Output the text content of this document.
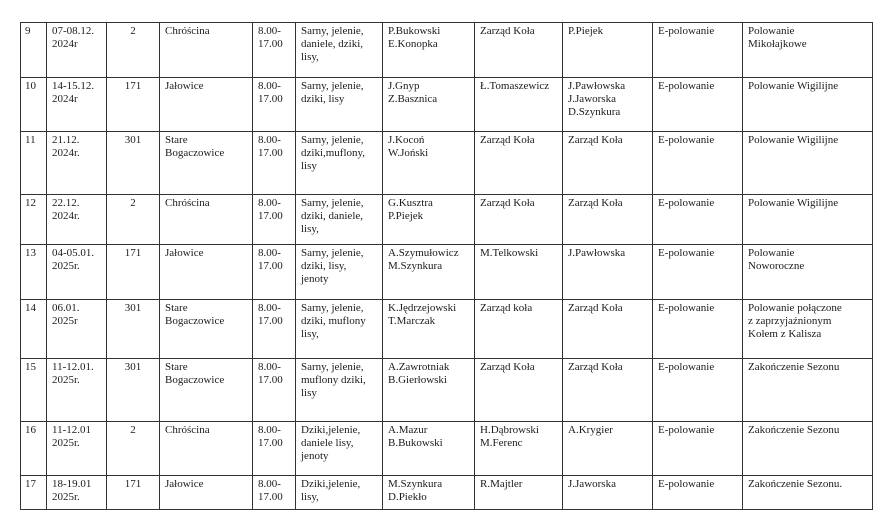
9	07-08.12.
2024r	2	Chróścina	8.00-
17.00	Sarny, jelenie,
daniele, dziki,
lisy,	P.Bukowski
E.Konopka	Zarząd Koła	P.Piejek	E-polowanie	Polowanie
Mikołajkowe

10	14-15.12.
2024r	171	Jałowice	8.00-
17.00	Sarny, jelenie,
dziki, lisy	J.Gnyp
Z.Basznica	Ł.Tomaszewicz	J.Pawłowska
J.Jaworska
D.Szynkura	E-polowanie	Polowanie Wigilijne

11	21.12.
2024r.	301	Stare
Bogaczowice	8.00-
17.00	Sarny, jelenie,
dziki,muflony,
lisy	J.Kocoń
W.Joński	Zarząd Koła	Zarząd Koła	E-polowanie	Polowanie Wigilijne

12	22.12.
2024r.	2	Chróścina	8.00-
17.00	Sarny, jelenie,
dziki, daniele,
lisy,	G.Kusztra
P.Piejek	Zarząd Koła	Zarząd Koła	E-polowanie	Polowanie Wigilijne

13	04-05.01.
2025r.	171	Jałowice	8.00-
17.00	Sarny, jelenie,
dziki, lisy,
jenoty	A.Szymułowicz
M.Szynkura	M.Telkowski	J.Pawłowska	E-polowanie	Polowanie
Noworoczne

14	06.01.
2025r	301	Stare
Bogaczowice	8.00-
17.00	Sarny, jelenie,
dziki, muflony
lisy,	K.Jędrzejowski
T.Marczak	Zarząd koła	Zarząd Koła	E-polowanie	Polowanie połączone
z zaprzyjaźnionym
Kołem z Kalisza

15	11-12.01.
2025r.	301	Stare
Bogaczowice	8.00-
17.00	Sarny, jelenie,
muflony dziki,
lisy	A.Zawrotniak
B.Gierłowski	Zarząd Koła	Zarząd Koła	E-polowanie	Zakończenie Sezonu

16	11-12.01
2025r.	2	Chróścina	8.00-
17.00	Dziki,jelenie,
daniele lisy,
jenoty	A.Mazur
B.Bukowski	H.Dąbrowski
M.Ferenc	A.Krygier	E-polowanie	Zakończenie Sezonu

17	18-19.01
2025r.	171	Jałowice	8.00-
17.00	Dziki,jelenie,
lisy,	M.Szynkura
D.Piekło	R.Majtler	J.Jaworska	E-polowanie	Zakończenie Sezonu.
